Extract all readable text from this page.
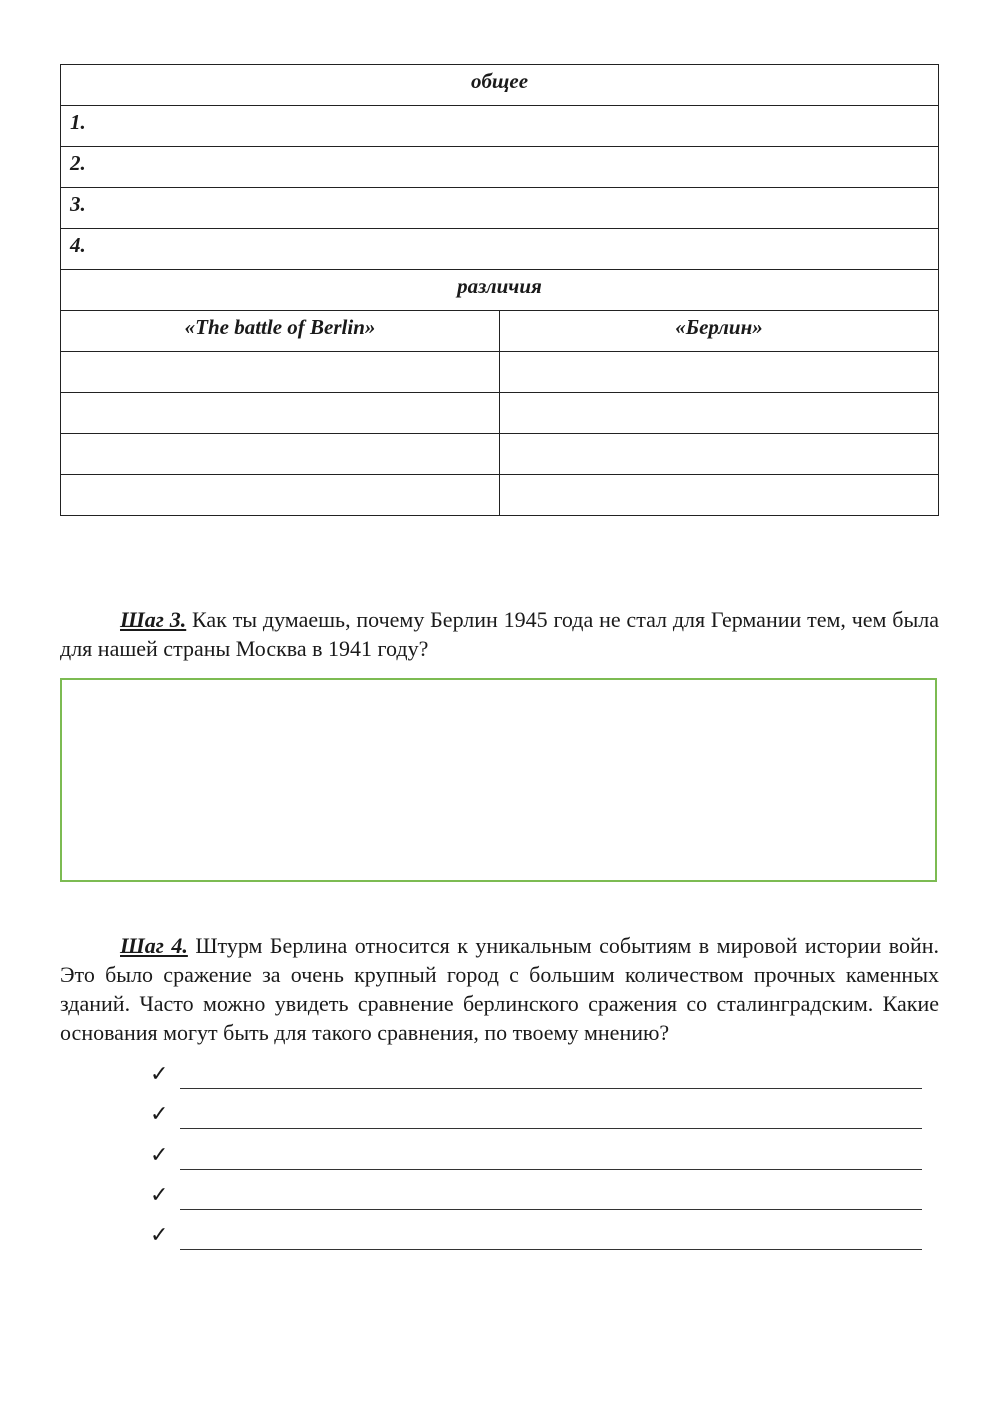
общее	
1.	
2.	
3.	
4.	
различия	
«The battle of Berlin»	«Берлин»

Шаг 3. Как ты думаешь, почему Берлин 1945 года не стал для Германии тем, чем была для нашей страны Москва в 1941 году?

Шаг 4. Штурм Берлина относится к уникальным событиям в мировой истории войн. Это было сражение за очень крупный город с большим количеством прочных каменных зданий. Часто можно увидеть сравнение берлинского сражения со сталинградским. Какие основания могут быть для такого сравнения, по твоему мнению?

✓
✓
✓
✓
✓
